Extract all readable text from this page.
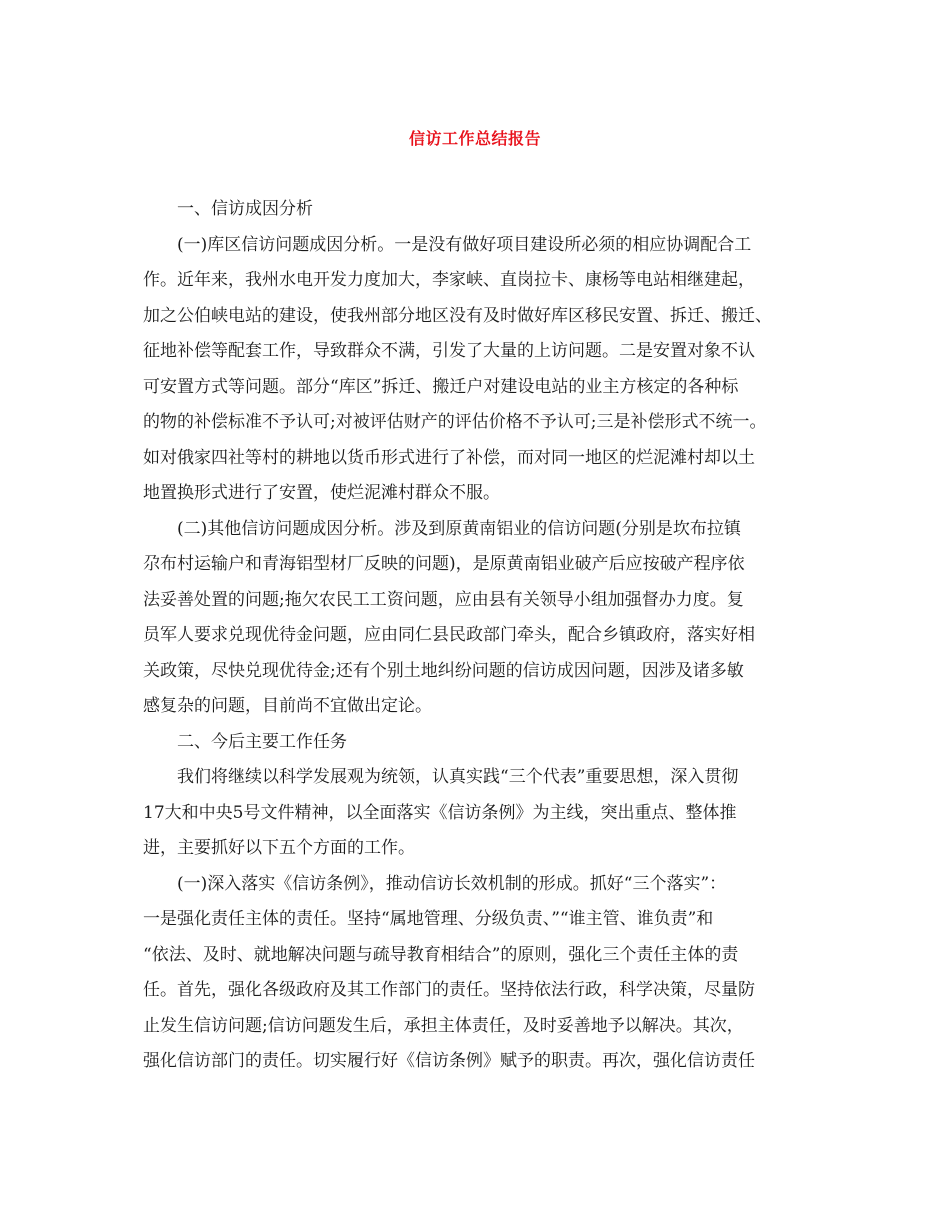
信访工作总结报告
一、信访成因分析
(一)库区信访问题成因分析。一是没有做好项目建设所必须的相应协调配合工
作。近年来，我州水电开发力度加大，李家峡、直岗拉卡、康杨等电站相继建起，
加之公伯峡电站的建设，使我州部分地区没有及时做好库区移民安置、拆迁、搬迁、
征地补偿等配套工作，导致群众不满，引发了大量的上访问题。二是安置对象不认
可安置方式等问题。部分“库区”拆迁、搬迁户对建设电站的业主方核定的各种标
的物的补偿标准不予认可;对被评估财产的评估价格不予认可;三是补偿形式不统一。
如对俄家四社等村的耕地以货币形式进行了补偿，而对同一地区的烂泥滩村却以土
地置换形式进行了安置，使烂泥滩村群众不服。
(二)其他信访问题成因分析。涉及到原黄南铝业的信访问题(分别是坎布拉镇
尕布村运输户和青海铝型材厂反映的问题)，是原黄南铝业破产后应按破产程序依
法妥善处置的问题;拖欠农民工工资问题，应由县有关领导小组加强督办力度。复
员军人要求兑现优待金问题，应由同仁县民政部门牵头，配合乡镇政府，落实好相
关政策，尽快兑现优待金;还有个别土地纠纷问题的信访成因问题，因涉及诸多敏
感复杂的问题，目前尚不宜做出定论。
二、今后主要工作任务
我们将继续以科学发展观为统领，认真实践“三个代表”重要思想，深入贯彻
17大和中央5号文件精神，以全面落实《信访条例》为主线，突出重点、整体推
进，主要抓好以下五个方面的工作。
(一)深入落实《信访条例》，推动信访长效机制的形成。抓好“三个落实”：
一是强化责任主体的责任。坚持“属地管理、分级负责、”“谁主管、谁负责”和
“依法、及时、就地解决问题与疏导教育相结合”的原则，强化三个责任主体的责
任。首先，强化各级政府及其工作部门的责任。坚持依法行政，科学决策，尽量防
止发生信访问题;信访问题发生后，承担主体责任，及时妥善地予以解决。其次，
强化信访部门的责任。切实履行好《信访条例》赋予的职责。再次，强化信访责任
